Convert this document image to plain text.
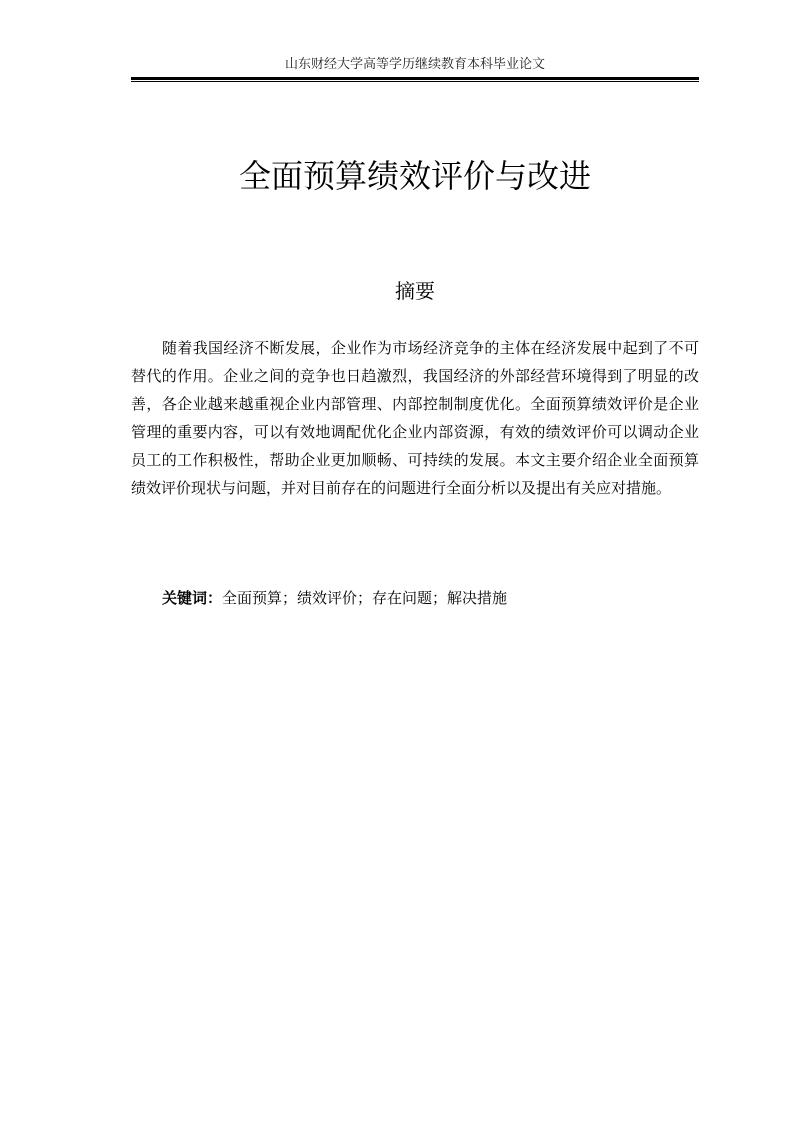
山东财经大学高等学历继续教育本科毕业论文
全面预算绩效评价与改进
摘要

随着我国经济不断发展，企业作为市场经济竞争的主体在经济发展中起到了不可替代的作用。企业之间的竞争也日趋激烈，我国经济的外部经营环境得到了明显的改善，各企业越来越重视企业内部管理、内部控制制度优化。全面预算绩效评价是企业管理的重要内容，可以有效地调配优化企业内部资源，有效的绩效评价可以调动企业员工的工作积极性，帮助企业更加顺畅、可持续的发展。本文主要介绍企业全面预算绩效评价现状与问题，并对目前存在的问题进行全面分析以及提出有关应对措施。

关键词：全面预算；绩效评价；存在问题；解决措施
